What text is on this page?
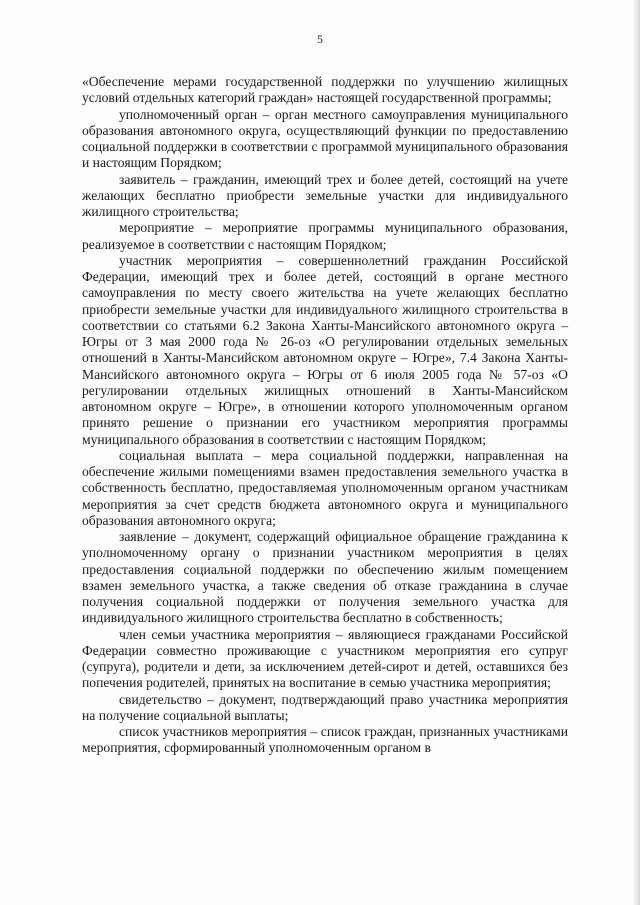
5

«Обеспечение мерами государственной поддержки по улучшению жилищных условий отдельных категорий граждан» настоящей государственной программы;

уполномоченный орган – орган местного самоуправления муниципального образования автономного округа, осуществляющий функции по предоставлению социальной поддержки в соответствии с программой муниципального образования и настоящим Порядком;

заявитель – гражданин, имеющий трех и более детей, состоящий на учете желающих бесплатно приобрести земельные участки для индивидуального жилищного строительства;

мероприятие – мероприятие программы муниципального образования, реализуемое в соответствии с настоящим Порядком;

участник мероприятия – совершеннолетний гражданин Российской Федерации, имеющий трех и более детей, состоящий в органе местного самоуправления по месту своего жительства на учете желающих бесплатно приобрести земельные участки для индивидуального жилищного строительства в соответствии со статьями 6.2 Закона Ханты-Мансийского автономного округа – Югры от 3 мая 2000 года № 26-оз «О регулировании отдельных земельных отношений в Ханты-Мансийском автономном округе – Югре», 7.4 Закона Ханты-Мансийского автономного округа – Югры от 6 июля 2005 года № 57-оз «О регулировании отдельных жилищных отношений в Ханты-Мансийском автономном округе – Югре», в отношении которого уполномоченным органом принято решение о признании его участником мероприятия программы муниципального образования в соответствии с настоящим Порядком;

социальная выплата – мера социальной поддержки, направленная на обеспечение жилыми помещениями взамен предоставления земельного участка в собственность бесплатно, предоставляемая уполномоченным органом участникам мероприятия за счет средств бюджета автономного округа и муниципального образования автономного округа;

заявление – документ, содержащий официальное обращение гражданина к уполномоченному органу о признании участником мероприятия в целях предоставления социальной поддержки по обеспечению жилым помещением взамен земельного участка, а также сведения об отказе гражданина в случае получения социальной поддержки от получения земельного участка для индивидуального жилищного строительства бесплатно в собственность;

член семьи участника мероприятия – являющиеся гражданами Российской Федерации совместно проживающие с участником мероприятия его супруг (супруга), родители и дети, за исключением детей-сирот и детей, оставшихся без попечения родителей, принятых на воспитание в семью участника мероприятия;

свидетельство – документ, подтверждающий право участника мероприятия на получение социальной выплаты;

список участников мероприятия – список граждан, признанных участниками мероприятия, сформированный уполномоченным органом в
